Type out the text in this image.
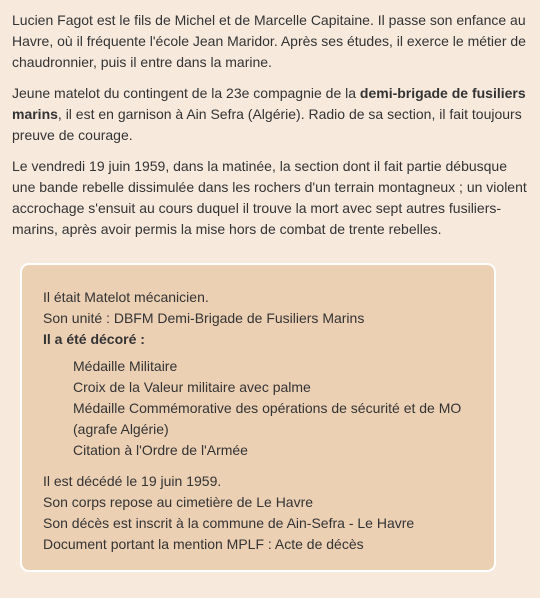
Lucien Fagot est le fils de Michel et de Marcelle Capitaine. Il passe son enfance au Havre, où il fréquente l'école Jean Maridor. Après ses études, il exerce le métier de chaudronnier, puis il entre dans la marine.

Jeune matelot du contingent de la 23e compagnie de la demi-brigade de fusiliers marins, il est en garnison à Ain Sefra (Algérie). Radio de sa section, il fait toujours preuve de courage.

Le vendredi 19 juin 1959, dans la matinée, la section dont il fait partie débusque une bande rebelle dissimulée dans les rochers d'un terrain montagneux ; un violent accrochage s'ensuit au cours duquel il trouve la mort avec sept autres fusiliers-marins, après avoir permis la mise hors de combat de trente rebelles.

Il était Matelot mécanicien.
Son unité : DBFM Demi-Brigade de Fusiliers Marins
Il a été décoré :
Médaille Militaire
Croix de la Valeur militaire avec palme
Médaille Commémorative des opérations de sécurité et de MO (agrafe Algérie)
Citation à l'Ordre de l'Armée
Il est décédé le 19 juin 1959.
Son corps repose au cimetière de Le Havre
Son décès est inscrit à la commune de Ain-Sefra - Le Havre
Document portant la mention MPLF : Acte de décès
